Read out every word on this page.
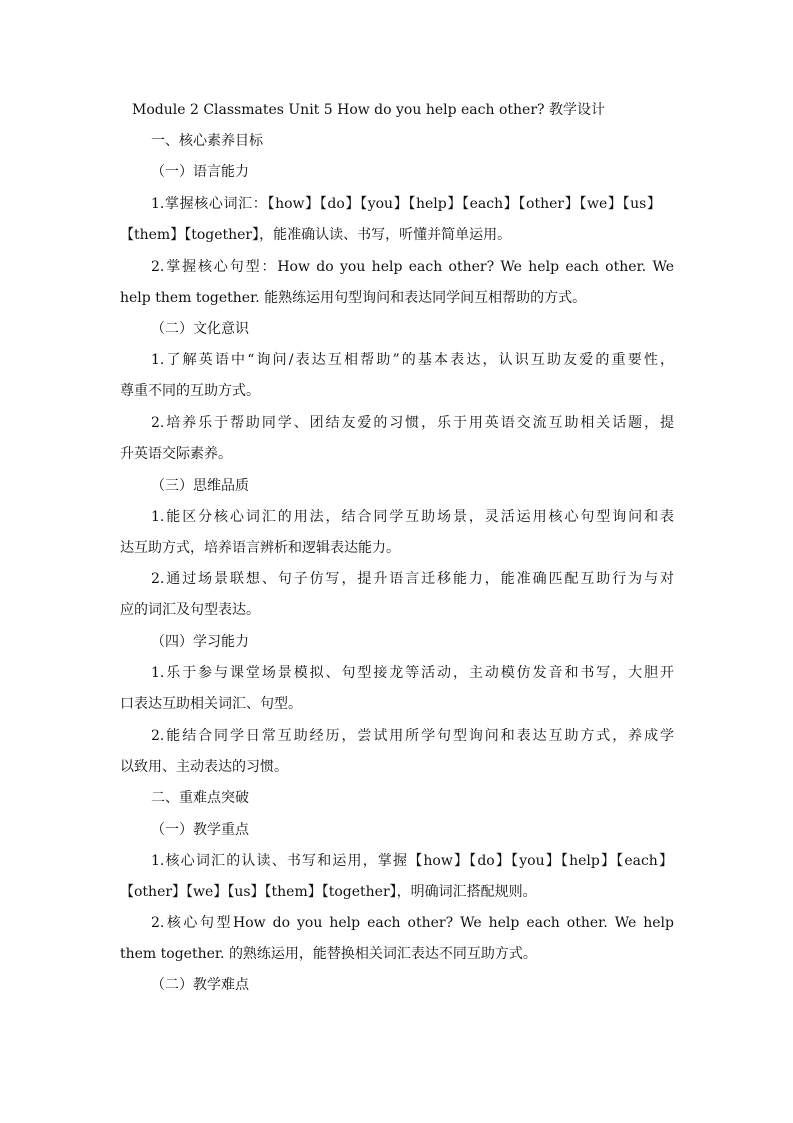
Module 2 Classmates Unit 5 How do you help each other? 教学设计
一、核心素养目标
（一）语言能力
1.掌握核心词汇：【how】【do】【you】【help】【each】【other】【we】【us】
【them】【together】，能准确认读、书写，听懂并简单运用。
2.掌握核心句型：How do you help each other? We help each other. We
help them together. 能熟练运用句型询问和表达同学间互相帮助的方式。
（二）文化意识
1.了解英语中“询问/表达互相帮助”的基本表达，认识互助友爱的重要性，
尊重不同的互助方式。
2.培养乐于帮助同学、团结友爱的习惯，乐于用英语交流互助相关话题，提
升英语交际素养。
（三）思维品质
1.能区分核心词汇的用法，结合同学互助场景，灵活运用核心句型询问和表
达互助方式，培养语言辨析和逻辑表达能力。
2.通过场景联想、句子仿写，提升语言迁移能力，能准确匹配互助行为与对
应的词汇及句型表达。
（四）学习能力
1.乐于参与课堂场景模拟、句型接龙等活动，主动模仿发音和书写，大胆开
口表达互助相关词汇、句型。
2.能结合同学日常互助经历，尝试用所学句型询问和表达互助方式，养成学
以致用、主动表达的习惯。
二、重难点突破
（一）教学重点
1.核心词汇的认读、书写和运用，掌握【how】【do】【you】【help】【each】
【other】【we】【us】【them】【together】，明确词汇搭配规则。
2.核心句型How do you help each other? We help each other. We help
them together. 的熟练运用，能替换相关词汇表达不同互助方式。
（二）教学难点
